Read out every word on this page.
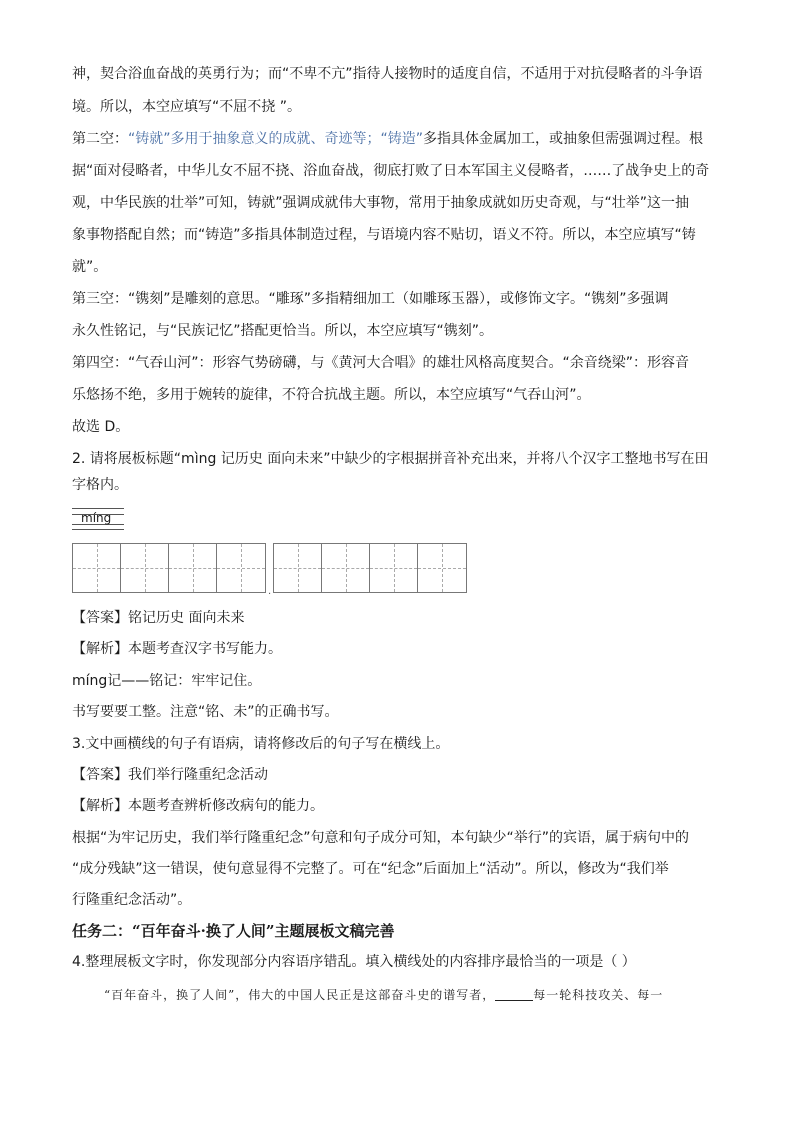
神，契合浴血奋战的英勇行为；而“不卑不亢”指待人接物时的适度自信，不适用于对抗侵略者的斗争语
境。所以，本空应填写“不屈不挠 ”。
第二空：“铸就”多用于抽象意义的成就、奇迹等；“铸造”多指具体金属加工，或抽象但需强调过程。根
据“面对侵略者，中华儿女不屈不挠、浴血奋战，彻底打败了日本军国主义侵略者，……了战争史上的奇
观，中华民族的壮举”可知，铸就”强调成就伟大事物，常用于抽象成就如历史奇观，与“壮举”这一抽
象事物搭配自然；而“铸造”多指具体制造过程，与语境内容不贴切，语义不符。所以，本空应填写“铸
就”。
第三空：“镌刻”是雕刻的意思。“雕琢”多指精细加工（如雕琢玉器），或修饰文字。“镌刻”多强调
永久性铭记，与“民族记忆”搭配更恰当。所以，本空应填写“镌刻”。
第四空：“气吞山河”：形容气势磅礴，与《黄河大合唱》的雄壮风格高度契合。“余音绕梁”：形容音
乐悠扬不绝，多用于婉转的旋律，不符合抗战主题。所以，本空应填写“气吞山河”。
故选 D。
2. 请将展板标题“mìng 记历史 面向未来”中缺少的字根据拼音补充出来，并将八个汉字工整地书写在田
字格内。
míng
.
【答案】铭记历史 面向未来
【解析】本题考查汉字书写能力。
míng记——铭记：牢牢记住。
书写要要工整。注意“铭、未”的正确书写。
3.文中画横线的句子有语病，请将修改后的句子写在横线上。
【答案】我们举行隆重纪念活动
【解析】本题考查辨析修改病句的能力。
根据“为牢记历史，我们举行隆重纪念”句意和句子成分可知，本句缺少“举行”的宾语，属于病句中的
“成分残缺”这一错误，使句意显得不完整了。可在“纪念”后面加上“活动”。所以，修改为“我们举
行隆重纪念活动”。
任务二：“百年奋斗·换了人间”主题展板文稿完善
4.整理展板文字时，你发现部分内容语序错乱。填入横线处的内容排序最恰当的一项是（ ）
“百年奋斗，换了人间”，伟大的中国人民正是这部奋斗史的谱写者，	每一轮科技攻关、每一
